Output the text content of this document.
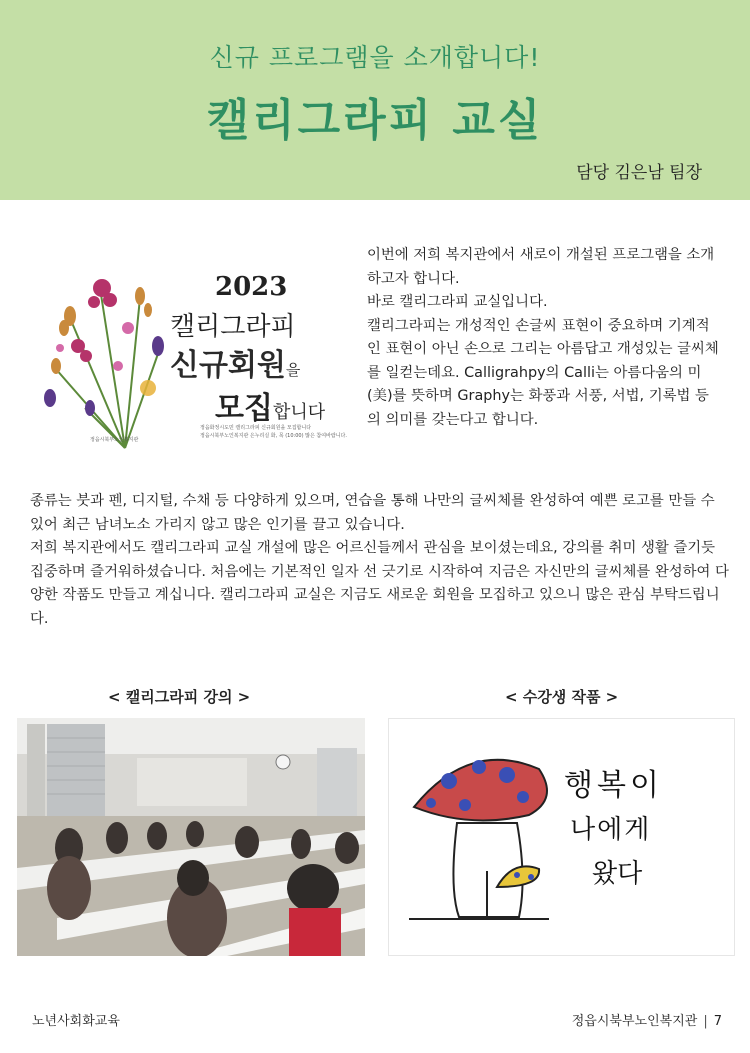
신규 프로그램을 소개합니다!
캘리그라피 교실
담당 김은남 팀장
2023
캘리그라피
신규회원을
모집합니다
정읍화정시도민 캘리그라피 신규회원을 모집합니다
정읍시북부노인복지관 은누리실 화, 목 (10:00) 많은 참여바랍니다.
정읍시북부노인복지관

이번에 저희 복지관에서 새로이 개설된 프로그램을 소개하고자 합니다.

바로 캘리그라피 교실입니다.

캘리그라피는 개성적인 손글씨 표현이 중요하며 기계적인 표현이 아닌 손으로 그리는 아름답고 개성있는 글씨체를 일컫는데요. Calligrahpy의 Calli는 아름다움의 미(美)를 뜻하며 Graphy는 화풍과 서풍, 서법, 기록법 등의 의미를 갖는다고 합니다.

종류는 붓과 펜, 디지털, 수채 등 다양하게 있으며, 연습을 통해 나만의 글씨체를 완성하여 예쁜 로고를 만들 수 있어 최근 남녀노소 가리지 않고 많은 인기를 끌고 있습니다.

저희 복지관에서도 캘리그라피 교실 개설에 많은 어르신들께서 관심을 보이셨는데요, 강의를 취미 생활 즐기듯 집중하며 즐거워하셨습니다. 처음에는 기본적인 일자 선 긋기로 시작하여 지금은 자신만의 글씨체를 완성하여 다양한 작품도 만들고 계십니다. 캘리그라피 교실은 지금도 새로운 회원을 모집하고 있으니 많은 관심 부탁드립니다.

< 캘리그라피 강의 >	< 수강생 작품 >
행복이
나에게
왔다
노년사회화교육	정읍시북부노인복지관 | 7
